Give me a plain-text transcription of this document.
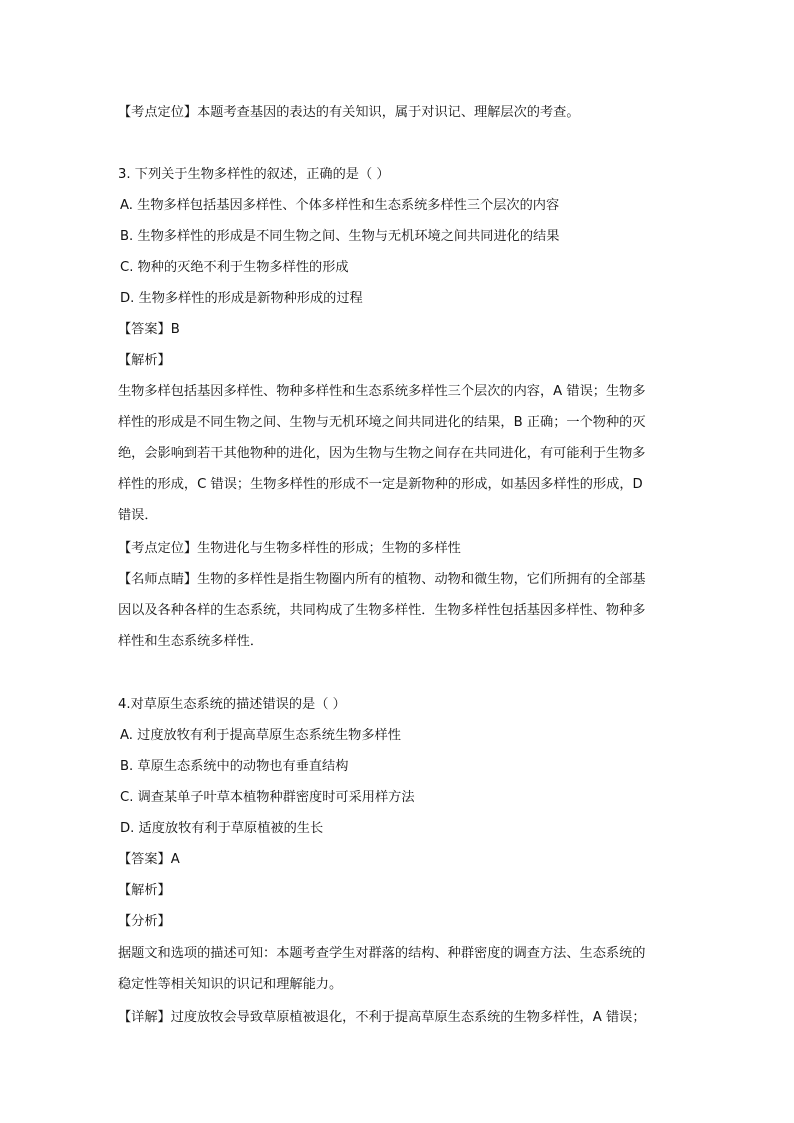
【考点定位】本题考查基因的表达的有关知识，属于对识记、理解层次的考查。
3. 下列关于生物多样性的叙述，正确的是（ ）
A. 生物多样包括基因多样性、个体多样性和生态系统多样性三个层次的内容
B. 生物多样性的形成是不同生物之间、生物与无机环境之间共同进化的结果
C. 物种的灭绝不利于生物多样性的形成
D. 生物多样性的形成是新物种形成的过程
【答案】B
【解析】
生物多样包括基因多样性、物种多样性和生态系统多样性三个层次的内容，A 错误；生物多
样性的形成是不同生物之间、生物与无机环境之间共同进化的结果，B 正确；一个物种的灭
绝，会影响到若干其他物种的进化，因为生物与生物之间存在共同进化，有可能利于生物多
样性的形成，C 错误；生物多样性的形成不一定是新物种的形成，如基因多样性的形成，D
错误．
【考点定位】生物进化与生物多样性的形成；生物的多样性
【名师点睛】生物的多样性是指生物圈内所有的植物、动物和微生物，它们所拥有的全部基
因以及各种各样的生态系统，共同构成了生物多样性．生物多样性包括基因多样性、物种多
样性和生态系统多样性．
4.对草原生态系统的描述错误的是（ ）
A. 过度放牧有利于提高草原生态系统生物多样性
B. 草原生态系统中的动物也有垂直结构
C. 调查某单子叶草本植物种群密度时可采用样方法
D. 适度放牧有利于草原植被的生长
【答案】A
【解析】
【分析】
据题文和选项的描述可知：本题考查学生对群落的结构、种群密度的调查方法、生态系统的
稳定性等相关知识的识记和理解能力。
【详解】过度放牧会导致草原植被退化，不利于提高草原生态系统的生物多样性，A 错误；
